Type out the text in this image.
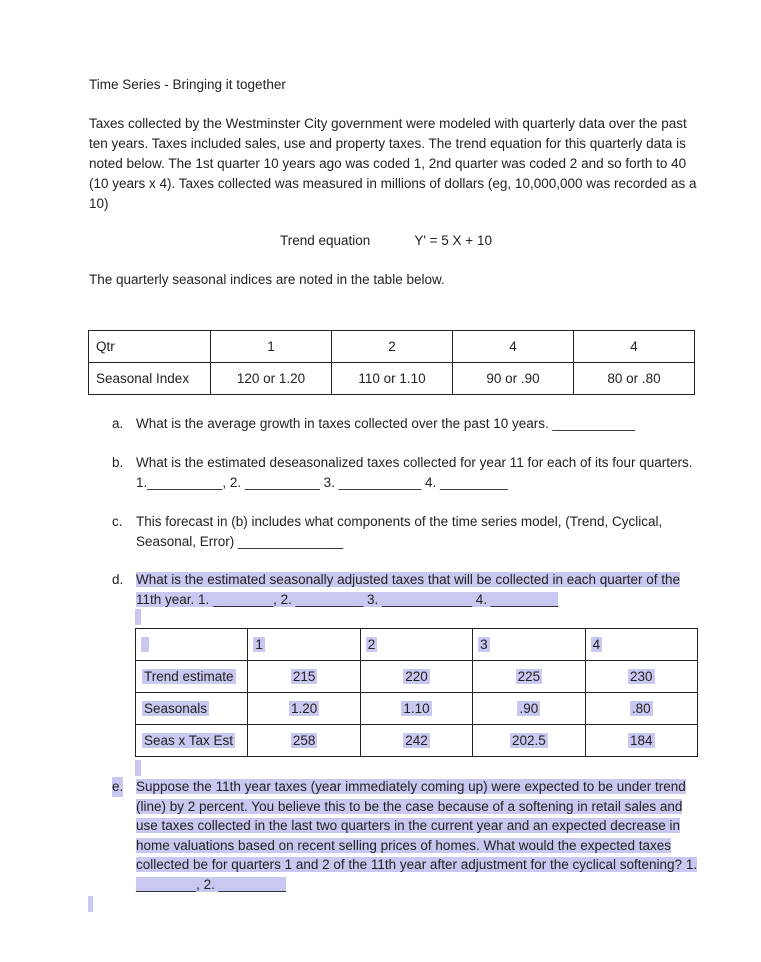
Time Series - Bringing it together

Taxes collected by the Westminster City government were modeled with quarterly data over the past ten years. Taxes included sales, use and property taxes. The trend equation for this quarterly data is noted below. The 1st quarter 10 years ago was coded 1, 2nd quarter was coded 2 and so forth to 40 (10 years x 4). Taxes collected was measured in millions of dollars (eg, 10,000,000 was recorded as a 10)

Trend equation	Y' = 5 X + 10

The quarterly seasonal indices are noted in the table below.

Qtr	1	2	4	4
Seasonal Index	120 or 1.20	110 or 1.10	90 or .90	80 or .80
a. What is the average growth in taxes collected over the past 10 years. ___________
b. What is the estimated deseasonalized taxes collected for year 11 for each of its four quarters. 1.__________, 2. __________ 3. ___________ 4. _________
c. This forecast in (b) includes what components of the time series model, (Trend, Cyclical, Seasonal, Error) ______________
d. What is the estimated seasonally adjusted taxes that will be collected in each quarter of the 11th year. 1. ________, 2. _________ 3. ____________ 4. _________
	1	2	3	4
Trend estimate	215	220	225	230
Seasonals	1.20	1.10	.90	.80
Seas x Tax Est	258	242	202.5	184
e. Suppose the 11th year taxes (year immediately coming up) were expected to be under trend (line) by 2 percent. You believe this to be the case because of a softening in retail sales and use taxes collected in the last two quarters in the current year and an expected decrease in home valuations based on recent selling prices of homes. What would the expected taxes collected be for quarters 1 and 2 of the 11th year after adjustment for the cyclical softening? 1. ________, 2. _________
